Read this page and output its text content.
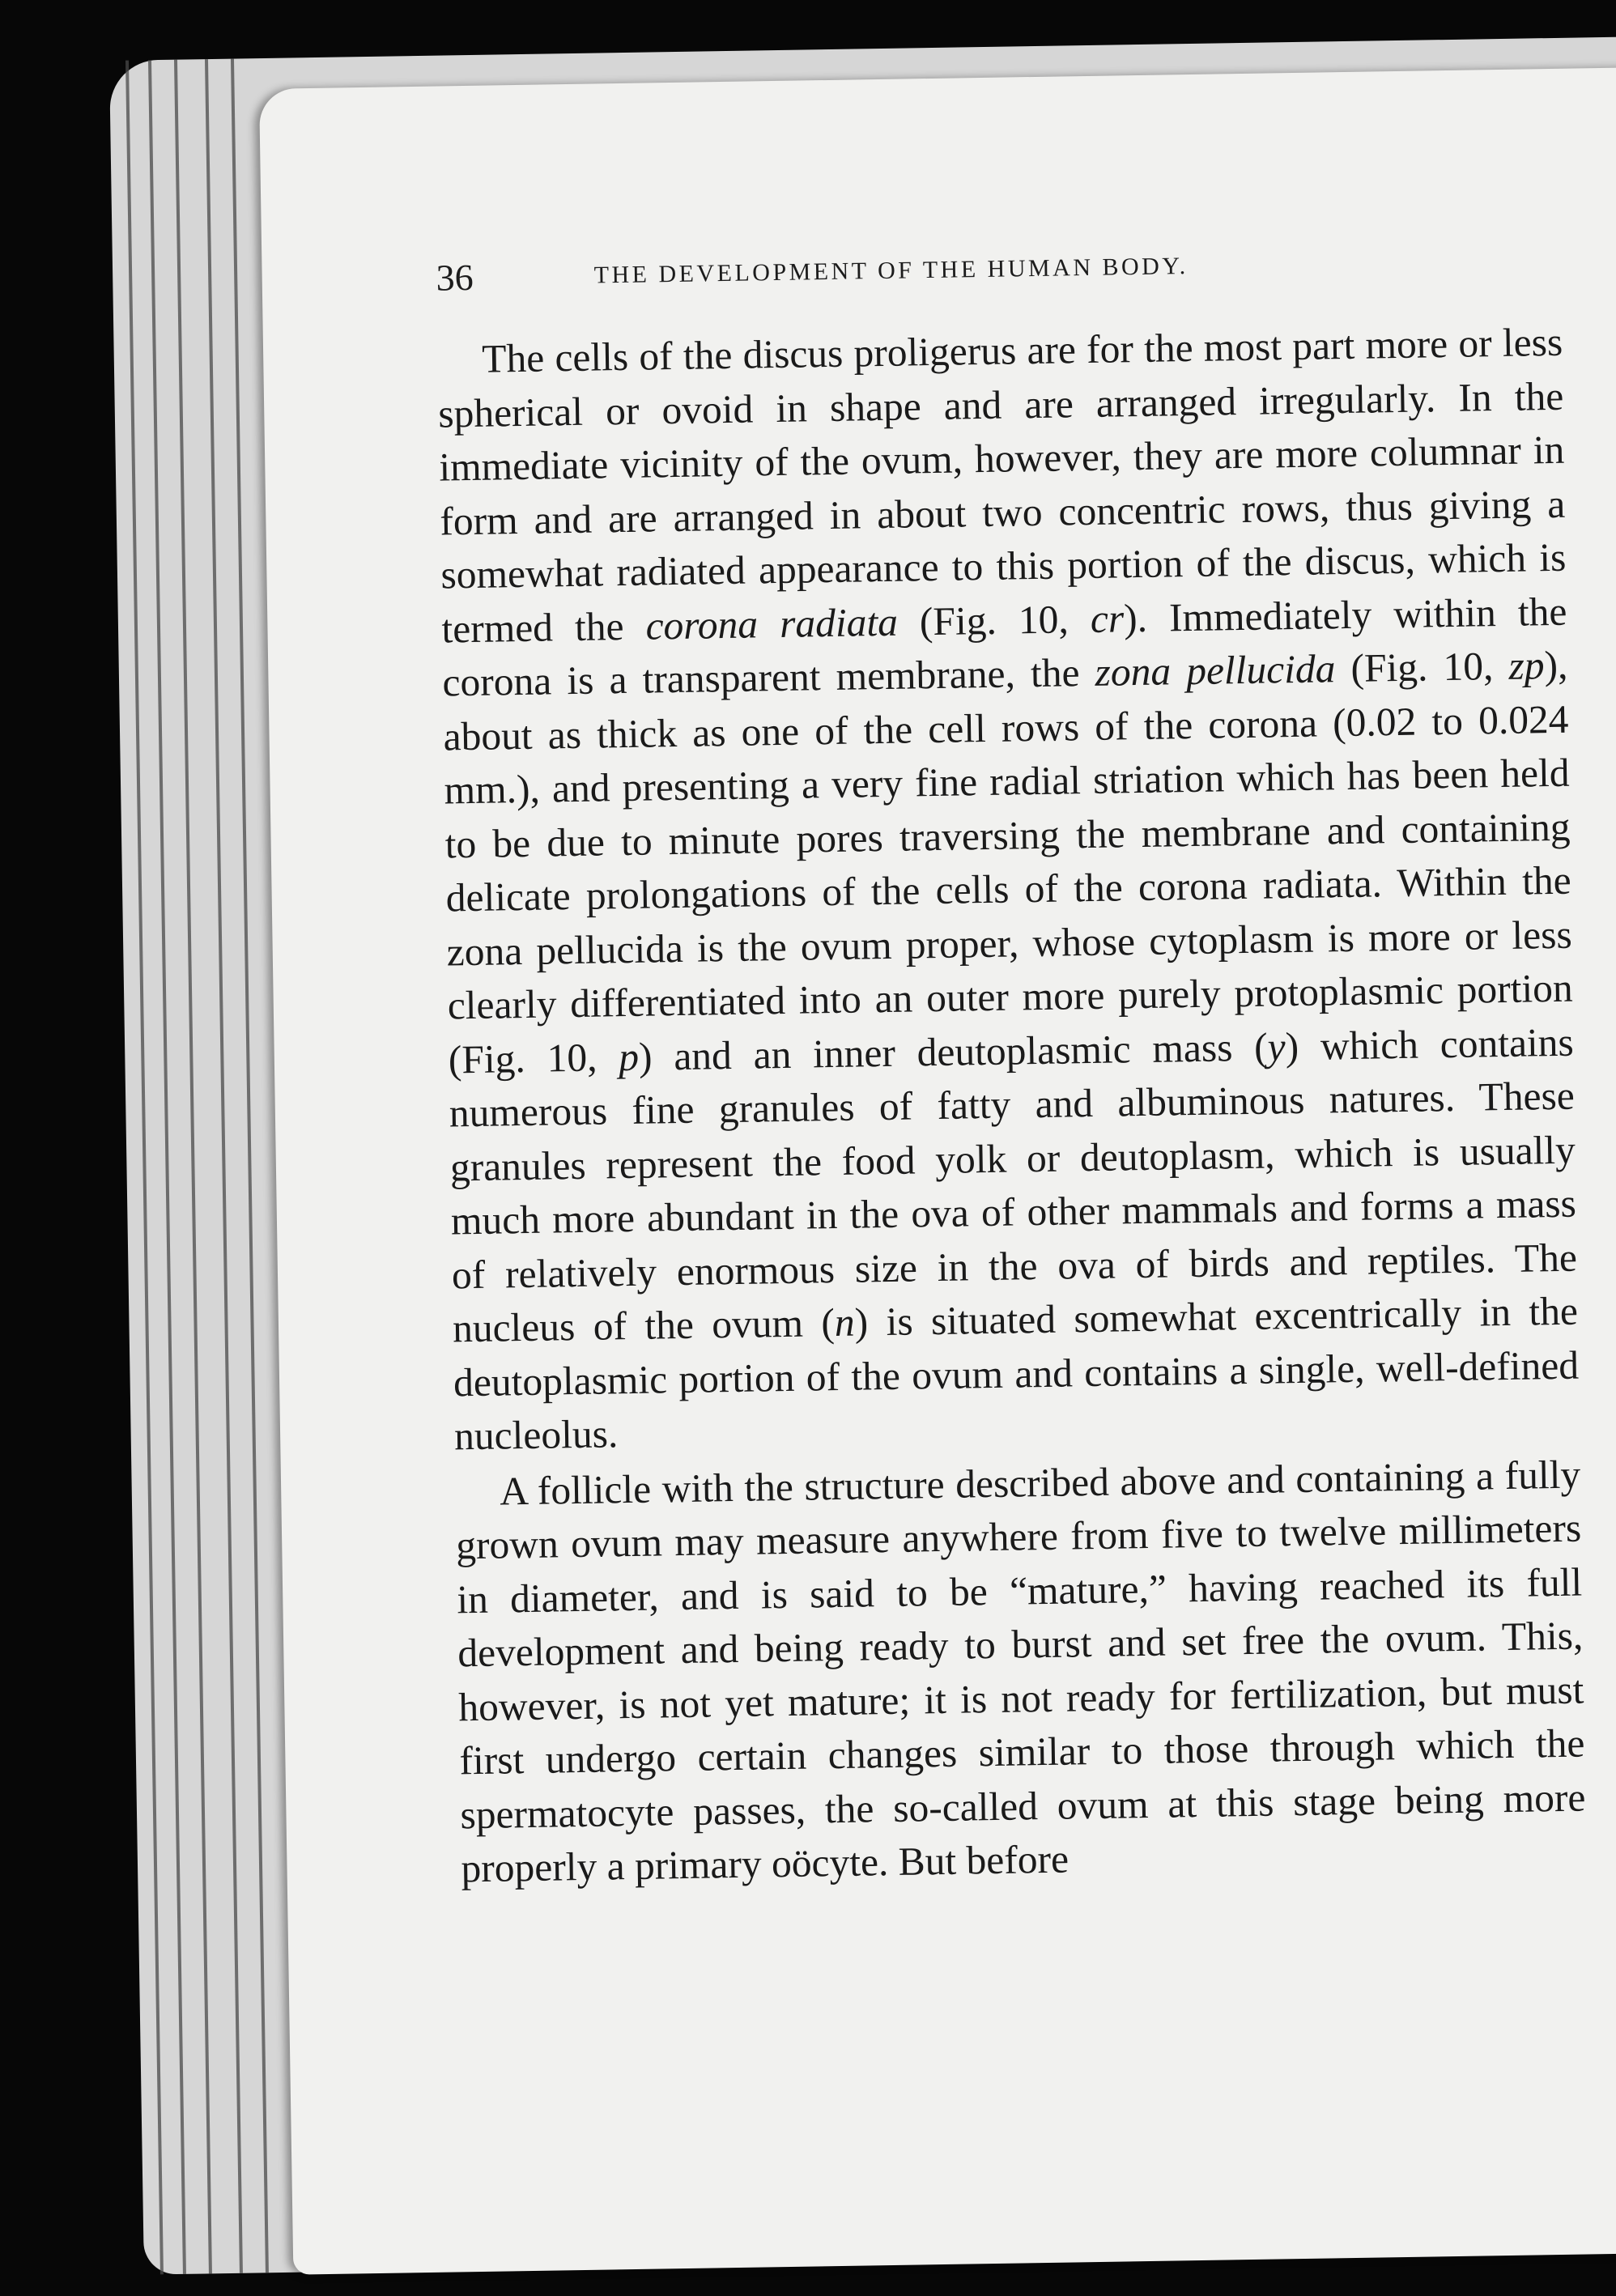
36	THE DEVELOPMENT OF THE HUMAN BODY.

The cells of the discus proligerus are for the most part more or less spherical or ovoid in shape and are arranged irregularly. In the immediate vicinity of the ovum, however, they are more columnar in form and are arranged in about two concentric rows, thus giving a somewhat radiated appearance to this portion of the discus, which is termed the corona radiata (Fig. 10, cr). Immediately within the corona is a transparent membrane, the zona pellucida (Fig. 10, zp), about as thick as one of the cell rows of the corona (0.02 to 0.024 mm.), and presenting a very fine radial striation which has been held to be due to minute pores traversing the membrane and containing delicate prolongations of the cells of the corona radiata. Within the zona pellucida is the ovum proper, whose cytoplasm is more or less clearly differentiated into an outer more purely protoplasmic portion (Fig. 10, p) and an inner deutoplasmic mass (y) which contains numerous fine granules of fatty and albuminous natures. These granules represent the food yolk or deutoplasm, which is usually much more abundant in the ova of other mammals and forms a mass of relatively enormous size in the ova of birds and reptiles. The nucleus of the ovum (n) is situated somewhat excentrically in the deutoplasmic portion of the ovum and contains a single, well-defined nucleolus.

A follicle with the structure described above and containing a fully grown ovum may measure anywhere from five to twelve millimeters in diameter, and is said to be “mature,” having reached its full development and being ready to burst and set free the ovum. This, however, is not yet mature; it is not ready for fertilization, but must first undergo certain changes similar to those through which the spermatocyte passes, the so-called ovum at this stage being more properly a primary oöcyte. But before
